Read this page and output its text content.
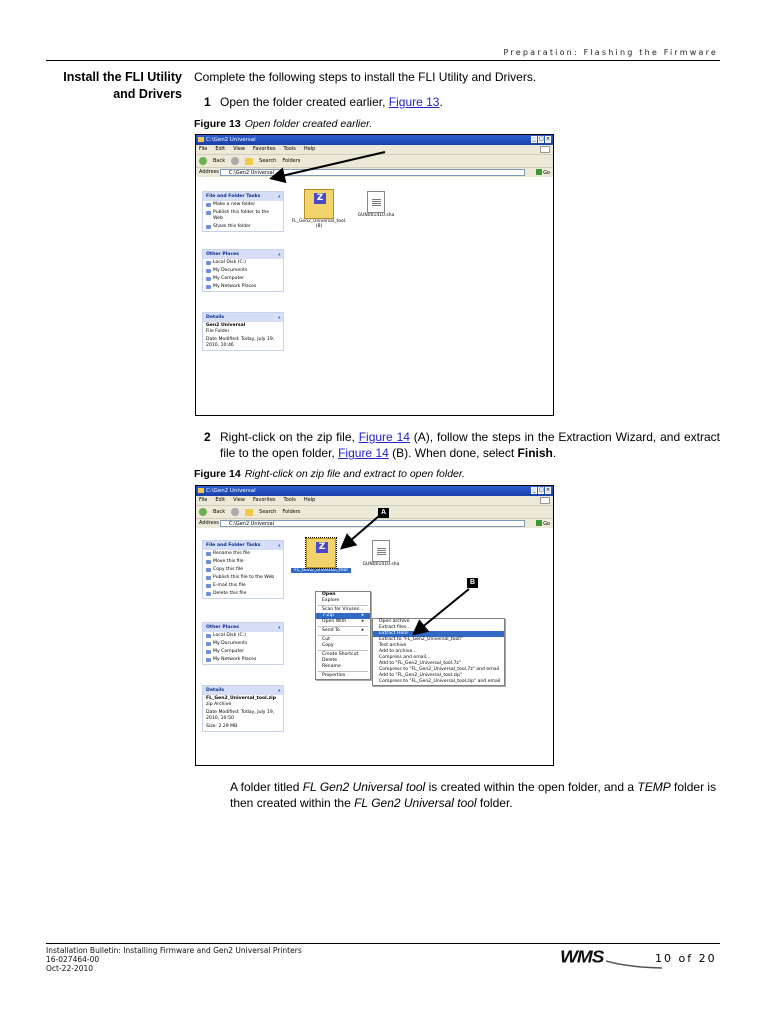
Preparation: Flashing the Firmware
Install the FLI Utility
and Drivers
Complete the following steps to install the FLI Utility and Drivers.
1 Open the folder created earlier, Figure 13.
Figure 13 Open folder created earlier.
C:\Gen2 Universal	_ □ ×
File Edit View Favorites Tools Help
Back	Search Folders
Address	C:\Gen2 Universal	Go
File and Folder Tasks «
Make a new folder
Publish this folder to the Web
Share this folder
Other Places «
Local Disk (C:)
My Documents
My Computer
My Network Places
Details «
Gen2 Universal
File Folder
Date Modified: Today, July 19, 2010, 10:46
Z
FL_Gen2_Universal_tool.(B)
GUN001410.sha
2 Right-click on the zip file, Figure 14 (A), follow the steps in the Extraction Wizard, and extract file to the open folder, Figure 14 (B). When done, select Finish.
Figure 14 Right-click on zip file and extract to open folder.
C:\Gen2 Universal	_ □ ×
File Edit View Favorites Tools Help
Back	Search Folders
Address	C:\Gen2 Universal	Go
File and Folder Tasks «
Rename this file
Move this file
Copy this file
Publish this file to the Web
E-mail this file
Delete this file
Other Places «
Local Disk (C:)
My Documents
My Computer
My Network Places
Details «
FL_Gen2_Universal_tool.zip
zip Archive
Date Modified: Today, July 19, 2010, 10:50
Size: 2.29 MB
Z
FL_Gen2_Universal_tool
GUN001410.sha
Open
Explore
Scan for Viruses...
7-Zip ▸
Open With ▸
Send To ▸
Cut
Copy
Create Shortcut
Delete
Rename
Properties
Open archive
Extract files...
Extract Here
Extract to "FL_Gen2_Universal_tool\"
Test archive
Add to archive...
Compress and email...
Add to "FL_Gen2_Universal_tool.7z"
Compress to "FL_Gen2_Universal_tool.7z" and email
Add to "FL_Gen2_Universal_tool.zip"
Compress to "FL_Gen2_Universal_tool.zip" and email
A
B
A folder titled FL Gen2 Universal tool is created within the open folder, and a TEMP folder is then created within the FL Gen2 Universal tool folder.
Installation Bulletin: Installing Firmware and Gen2 Universal Printers
16-027464-00
Oct-22-2010
WMS	10 of 20
